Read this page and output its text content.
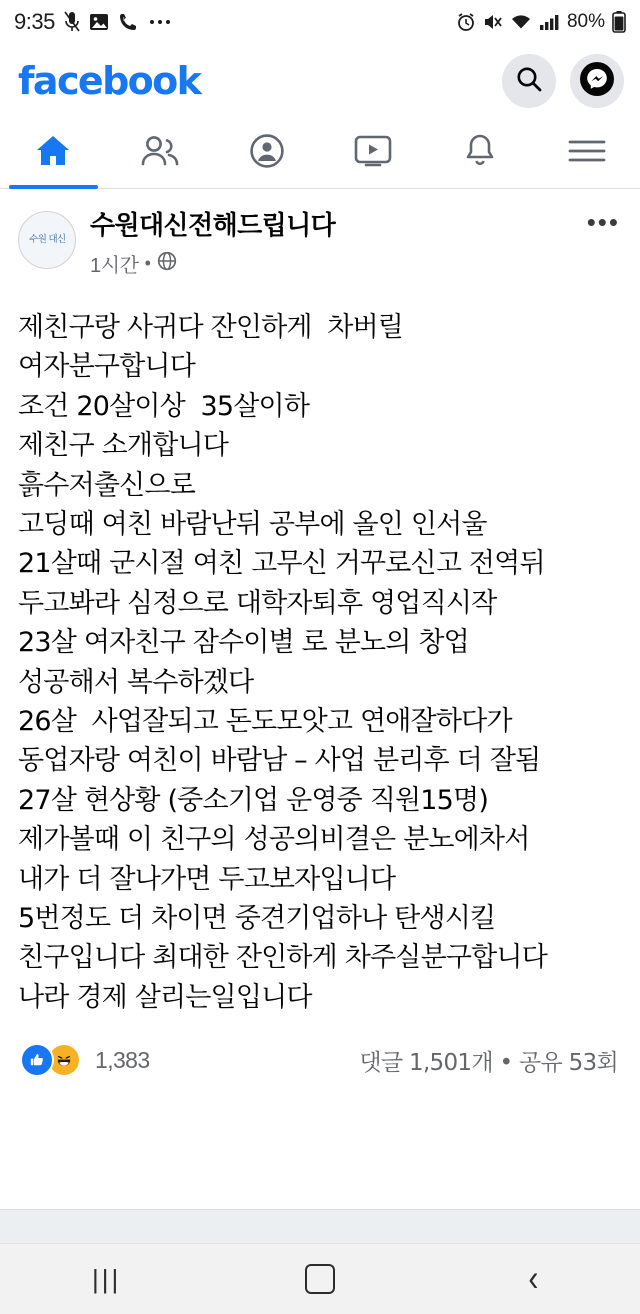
9:35	kako	80%
facebook
수원 대신 수원대신전해드립니다
1시간 •
•••
제친구랑 사귀다 잔인하게  차버릴
여자분구합니다
조건 20살이상  35살이하
제친구 소개합니다
흙수저출신으로
고딩때 여친 바람난뒤 공부에 올인 인서울
21살때 군시절 여친 고무신 거꾸로신고 전역뒤
두고봐라 심정으로 대학자퇴후 영업직시작
23살 여자친구 잠수이별 로 분노의 창업
성공해서 복수하겠다
26살  사업잘되고 돈도모앗고 연애잘하다가
동업자랑 여친이 바람남 – 사업 분리후 더 잘됨
27살 현상황 (중소기업 운영중 직원15명)
제가볼때 이 친구의 성공의비결은 분노에차서
내가 더 잘나가면 두고보자입니다
5번정도 더 차이면 중견기업하나 탄생시킬
친구입니다 최대한 잔인하게 차주실분구합니다
나라 경제 살리는일입니다
1,383	댓글 1,501개 • 공유 53회
|||	‹
